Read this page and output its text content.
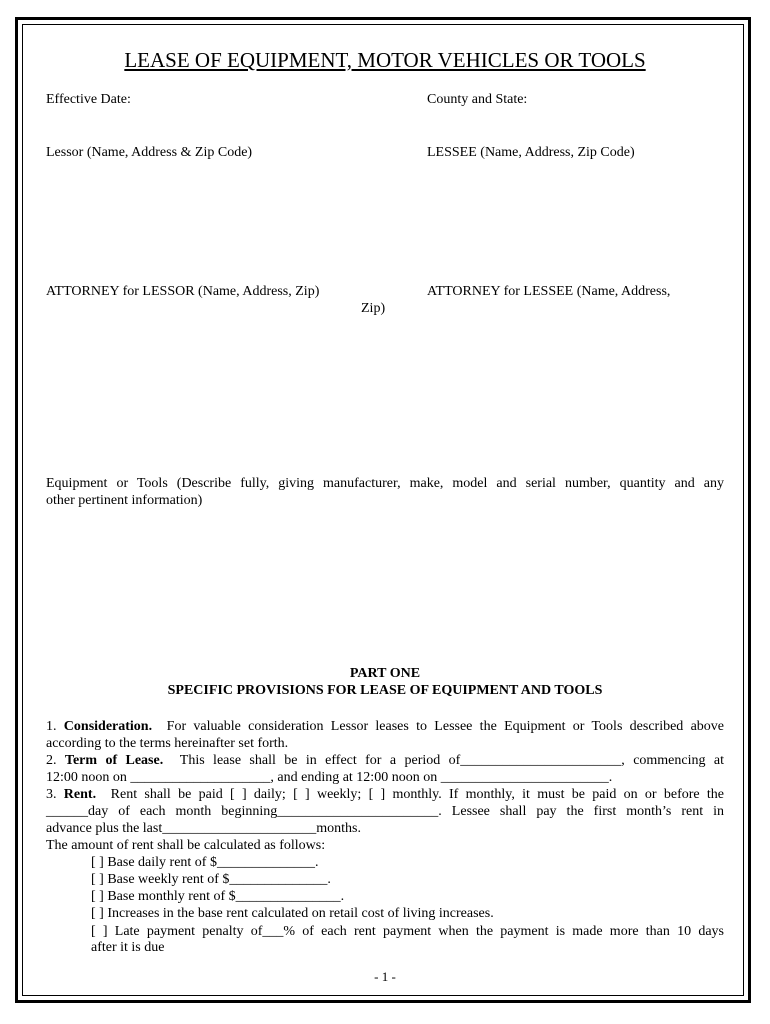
LEASE OF EQUIPMENT, MOTOR VEHICLES OR TOOLS
Effective Date:	County and State:
Lessor (Name, Address & Zip Code)	LESSEE (Name, Address, Zip Code)
ATTORNEY for LESSOR (Name, Address, Zip)	ATTORNEY for LESSEE (Name, Address,
Zip)
Equipment or Tools (Describe fully, giving manufacturer, make, model and serial number, quantity and any
other pertinent information)
PART ONE
SPECIFIC PROVISIONS FOR LEASE OF EQUIPMENT AND TOOLS
1. Consideration. For valuable consideration Lessor leases to Lessee the Equipment or Tools described above
according to the terms hereinafter set forth.
2. Term of Lease. This lease shall be in effect for a period of_______________________, commencing at
12:00 noon on ____________________, and ending at 12:00 noon on ________________________.
3. Rent. Rent shall be paid [ ] daily; [ ] weekly; [ ] monthly. If monthly, it must be paid on or before the
______day of each month beginning_______________________. Lessee shall pay the first month’s rent in
advance plus the last______________________months.
The amount of rent shall be calculated as follows:
[ ] Base daily rent of $______________.
[ ] Base weekly rent of $______________.
[ ] Base monthly rent of $_______________.
[ ] Increases in the base rent calculated on retail cost of living increases.
[ ] Late payment penalty of___% of each rent payment when the payment is made more than 10 days
after it is due
- 1 -
